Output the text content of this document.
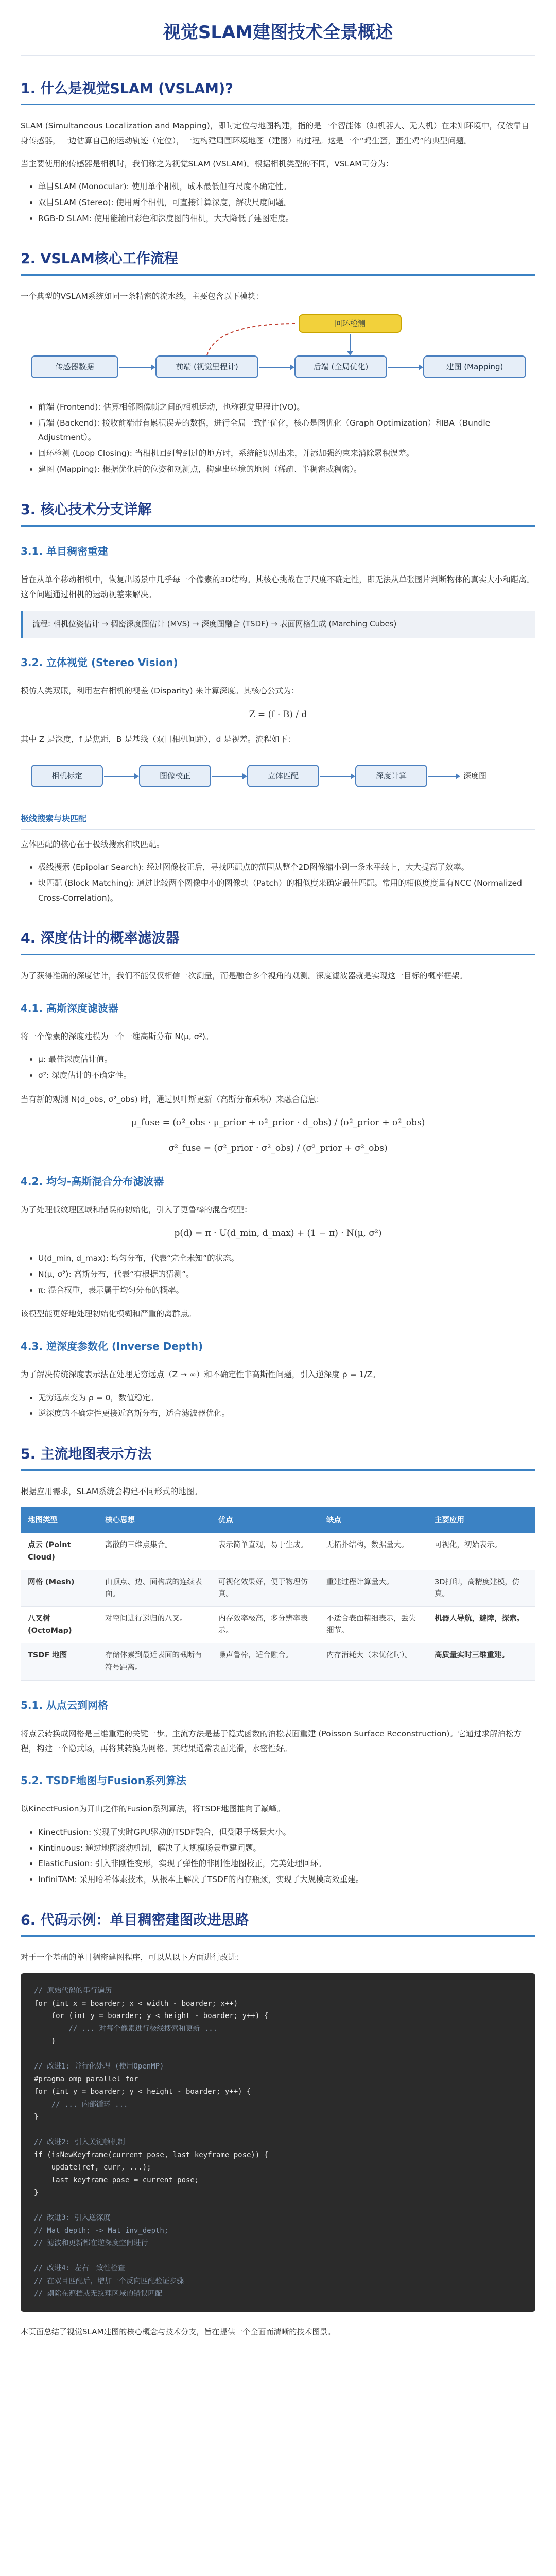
视觉SLAM建图技术全景概述
1. 什么是视觉SLAM (VSLAM)?

SLAM (Simultaneous Localization and Mapping)，即时定位与地图构建，指的是一个智能体（如机器人、无人机）在未知环境中，仅依靠自身传感器，一边估算自己的运动轨迹（定位），一边构建周围环境地图（建图）的过程。这是一个“鸡生蛋，蛋生鸡”的典型问题。

当主要使用的传感器是相机时，我们称之为视觉SLAM (VSLAM)。根据相机类型的不同，VSLAM可分为：

• 单目SLAM (Monocular): 使用单个相机，成本最低但有尺度不确定性。
• 双目SLAM (Stereo): 使用两个相机，可直接计算深度，解决尺度问题。
• RGB-D SLAM: 使用能输出彩色和深度图的相机，大大降低了建图难度。
2. VSLAM核心工作流程

一个典型的VSLAM系统如同一条精密的流水线，主要包含以下模块：

传感器数据	前端 (视觉里程计)	后端 (全局优化)	建图 (Mapping)
回环检测
• 前端 (Frontend): 估算相邻图像帧之间的相机运动，也称视觉里程计(VO)。
• 后端 (Backend): 接收前端带有累积误差的数据，进行全局一致性优化，核心是图优化（Graph Optimization）和BA（Bundle Adjustment）。
• 回环检测 (Loop Closing): 当相机回到曾到过的地方时，系统能识别出来，并添加强约束来消除累积误差。
• 建图 (Mapping): 根据优化后的位姿和观测点，构建出环境的地图（稀疏、半稠密或稠密）。
3. 核心技术分支详解
3.1. 单目稠密重建

旨在从单个移动相机中，恢复出场景中几乎每一个像素的3D结构。其核心挑战在于尺度不确定性，即无法从单张图片判断物体的真实大小和距离。这个问题通过相机的运动视差来解决。

流程: 相机位姿估计 → 稠密深度图估计 (MVS) → 深度图融合 (TSDF) → 表面网格生成 (Marching Cubes)
3.2. 立体视觉 (Stereo Vision)

模仿人类双眼，利用左右相机的视差 (Disparity) 来计算深度。其核心公式为：

Z = (f · B) / d

其中 Z 是深度，f 是焦距，B 是基线（双目相机间距），d 是视差。流程如下：

相机标定	图像校正	立体匹配	深度计算	深度图
极线搜索与块匹配

立体匹配的核心在于极线搜索和块匹配。

• 极线搜索 (Epipolar Search): 经过图像校正后，寻找匹配点的范围从整个2D图像缩小到一条水平线上，大大提高了效率。
• 块匹配 (Block Matching): 通过比较两个图像中小的图像块（Patch）的相似度来确定最佳匹配。常用的相似度度量有NCC (Normalized Cross-Correlation)。
4. 深度估计的概率滤波器

为了获得准确的深度估计，我们不能仅仅相信一次测量，而是融合多个视角的观测。深度滤波器就是实现这一目标的概率框架。

4.1. 高斯深度滤波器

将一个像素的深度建模为一个一维高斯分布 N(μ, σ²)。

• μ: 最佳深度估计值。
• σ²: 深度估计的不确定性。

当有新的观测 N(d_obs, σ²_obs) 时，通过贝叶斯更新（高斯分布乘积）来融合信息：

μ_fuse = (σ²_obs · μ_prior + σ²_prior · d_obs) / (σ²_prior + σ²_obs)
σ²_fuse = (σ²_prior · σ²_obs) / (σ²_prior + σ²_obs)
4.2. 均匀-高斯混合分布滤波器

为了处理低纹理区域和错误的初始化，引入了更鲁棒的混合模型：

p(d) = π · U(d_min, d_max) + (1 − π) · N(μ, σ²)
• U(d_min, d_max): 均匀分布，代表“完全未知”的状态。
• N(μ, σ²): 高斯分布，代表“有根据的猜测”。
• π: 混合权重，表示属于均匀分布的概率。

该模型能更好地处理初始化模糊和严重的离群点。

4.3. 逆深度参数化 (Inverse Depth)

为了解决传统深度表示法在处理无穷远点（Z → ∞）和不确定性非高斯性问题，引入逆深度 ρ = 1/Z。

• 无穷远点变为 ρ = 0，数值稳定。
• 逆深度的不确定性更接近高斯分布，适合滤波器优化。
5. 主流地图表示方法

根据应用需求，SLAM系统会构建不同形式的地图。

地图类型	核心思想	优点	缺点	主要应用
点云 (Point Cloud)	离散的三维点集合。	表示简单直观，易于生成。	无拓扑结构，数据量大。	可视化，初始表示。
网格 (Mesh)	由顶点、边、面构成的连续表面。	可视化效果好，便于物理仿真。	重建过程计算量大。	3D打印，高精度建模，仿真。
八叉树 (OctoMap)	对空间进行递归的八叉。	内存效率极高，多分辨率表示。	不适合表面精细表示，丢失细节。	机器人导航，避障，探索。
TSDF 地图	存储体素到最近表面的截断有符号距离。	噪声鲁棒，适合融合。	内存消耗大（未优化时）。	高质量实时三维重建。
5.1. 从点云到网格

将点云转换成网格是三维重建的关键一步。主流方法是基于隐式函数的泊松表面重建 (Poisson Surface Reconstruction)。它通过求解泊松方程，构建一个隐式场，再将其转换为网格。其结果通常表面光滑，水密性好。

5.2. TSDF地图与Fusion系列算法

以KinectFusion为开山之作的Fusion系列算法，将TSDF地图推向了巅峰。

• KinectFusion: 实现了实时GPU驱动的TSDF融合，但受限于场景大小。
• Kintinuous: 通过地图滚动机制，解决了大规模场景重建问题。
• ElasticFusion: 引入非刚性变形，实现了弹性的非刚性地图校正，完美处理回环。
• InfiniTAM: 采用哈希体素技术，从根本上解决了TSDF的内存瓶颈，实现了大规模高效重建。
6. 代码示例：单目稠密建图改进思路

对于一个基础的单目稠密建图程序，可以从以下方面进行改进：

// 原始代码的串行遍历
for (int x = boarder; x < width - boarder; x++)
for (int y = boarder; y < height - boarder; y++) {
// ... 对每个像素进行极线搜索和更新 ...
}

// 改进1: 并行化处理 (使用OpenMP)
#pragma omp parallel for
for (int y = boarder; y < height - boarder; y++) {
// ... 内部循环 ...
}

// 改进2: 引入关键帧机制
if (isNewKeyframe(current_pose, last_keyframe_pose)) {
update(ref, curr, ...);
last_keyframe_pose = current_pose;
}

// 改进3: 引入逆深度
// Mat depth; -> Mat inv_depth;
// 滤波和更新都在逆深度空间进行

// 改进4: 左右一致性检查
// 在双目匹配后，增加一个反向匹配验证步骤
// 剔除在遮挡或无纹理区域的错误匹配

本页面总结了视觉SLAM建图的核心概念与技术分支，旨在提供一个全面而清晰的技术图景。
